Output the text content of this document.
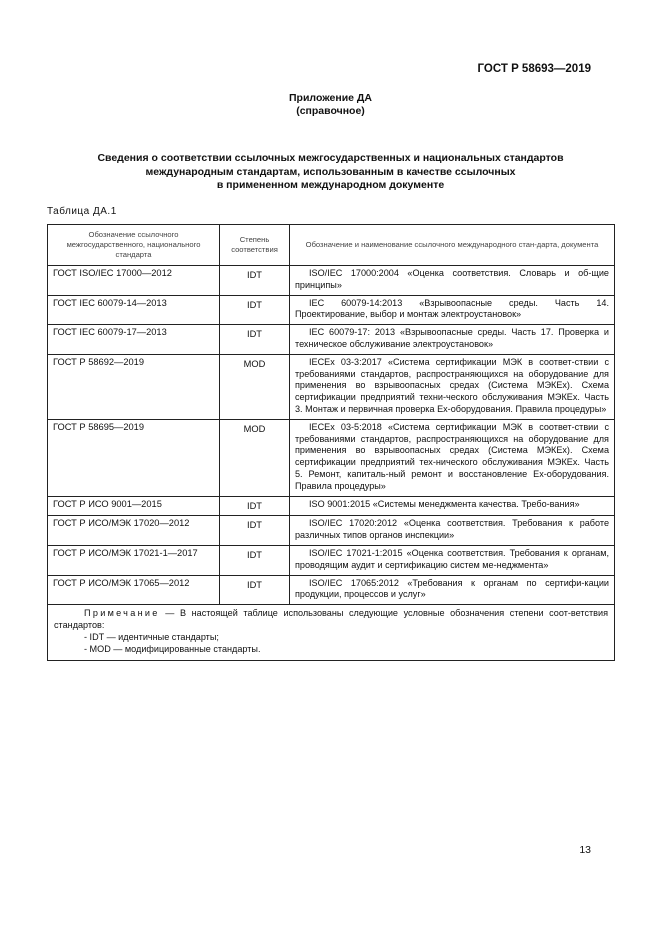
ГОСТ Р 58693—2019
Приложение ДА
(справочное)
Сведения о соответствии ссылочных межгосударственных и национальных стандартов
международным стандартам, использованным в качестве ссылочных
в примененном международном документе
Таблица ДА.1
Обозначение ссылочного межгосударственного, национального стандарта	Степень соответствия	Обозначение и наименование ссылочного международного стан-дарта, документа
ГОСТ ISO/IEC 17000—2012	IDT	ISO/IEC 17000:2004 «Оценка соответствия. Словарь и об-щие принципы»
ГОСТ IEC 60079-14—2013	IDT	IEC 60079-14:2013 «Взрывоопасные среды. Часть 14. Проектирование, выбор и монтаж электроустановок»
ГОСТ IEC 60079-17—2013	IDT	IEC 60079-17: 2013 «Взрывоопасные среды. Часть 17. Проверка и техническое обслуживание электроустановок»
ГОСТ Р 58692—2019	MOD	IECEx 03-3:2017 «Система сертификации МЭК в соответ-ствии с требованиями стандартов, распространяющихся на оборудование для применения во взрывоопасных средах (Система МЭКЕх). Схема сертификации предприятий техни-ческого обслуживания МЭКЕх. Часть 3. Монтаж и первичная проверка Ex-оборудования. Правила процедуры»
ГОСТ Р 58695—2019	MOD	IECEx 03-5:2018 «Система сертификации МЭК в соответ-ствии с требованиями стандартов, распространяющихся на оборудование для применения во взрывоопасных средах (Система МЭКЕх). Схема сертификации предприятий тех-нического обслуживания МЭКЕх. Часть 5. Ремонт, капиталь-ный ремонт и восстановление Ex-оборудования. Правила процедуры»
ГОСТ Р ИСО 9001—2015	IDT	ISO 9001:2015 «Системы менеджмента качества. Требо-вания»
ГОСТ Р ИСО/МЭК 17020—2012	IDT	ISO/IEC 17020:2012 «Оценка соответствия. Требования к работе различных типов органов инспекции»
ГОСТ Р ИСО/МЭК 17021-1—2017	IDT	ISO/IEC 17021-1:2015 «Оценка соответствия. Требования к органам, проводящим аудит и сертификацию систем ме-неджмента»
ГОСТ Р ИСО/МЭК 17065—2012	IDT	ISO/IEC 17065:2012 «Требования к органам по сертифи-кации продукции, процессов и услуг»

Примечание — В настоящей таблице использованы следующие условные обозначения степени соот-ветствия стандартов:
- IDT — идентичные стандарты;
- MOD — модифицированные стандарты.		
13
